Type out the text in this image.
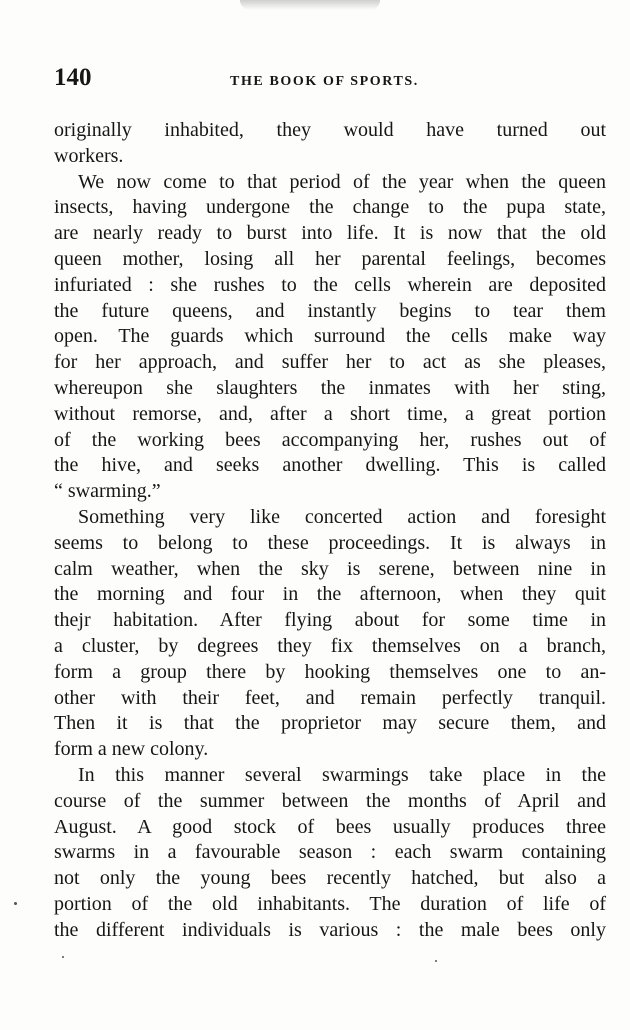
140	THE BOOK OF SPORTS.
originally inhabited, they would have turned out
workers.
We now come to that period of the year when the queen
insects, having undergone the change to the pupa state,
are nearly ready to burst into life. It is now that the old
queen mother, losing all her parental feelings, becomes
infuriated : she rushes to the cells wherein are deposited
the future queens, and instantly begins to tear them
open. The guards which surround the cells make way
for her approach, and suffer her to act as she pleases,
whereupon she slaughters the inmates with her sting,
without remorse, and, after a short time, a great portion
of the working bees accompanying her, rushes out of
the hive, and seeks another dwelling. This is called
“ swarming.”
Something very like concerted action and foresight
seems to belong to these proceedings. It is always in
calm weather, when the sky is serene, between nine in
the morning and four in the afternoon, when they quit
thejr habitation. After flying about for some time in
a cluster, by degrees they fix themselves on a branch,
form a group there by hooking themselves one to an-
other with their feet, and remain perfectly tranquil.
Then it is that the proprietor may secure them, and
form a new colony.
In this manner several swarmings take place in the
course of the summer between the months of April and
August. A good stock of bees usually produces three
swarms in a favourable season : each swarm containing
not only the young bees recently hatched, but also a
portion of the old inhabitants. The duration of life of
the different individuals is various : the male bees only
